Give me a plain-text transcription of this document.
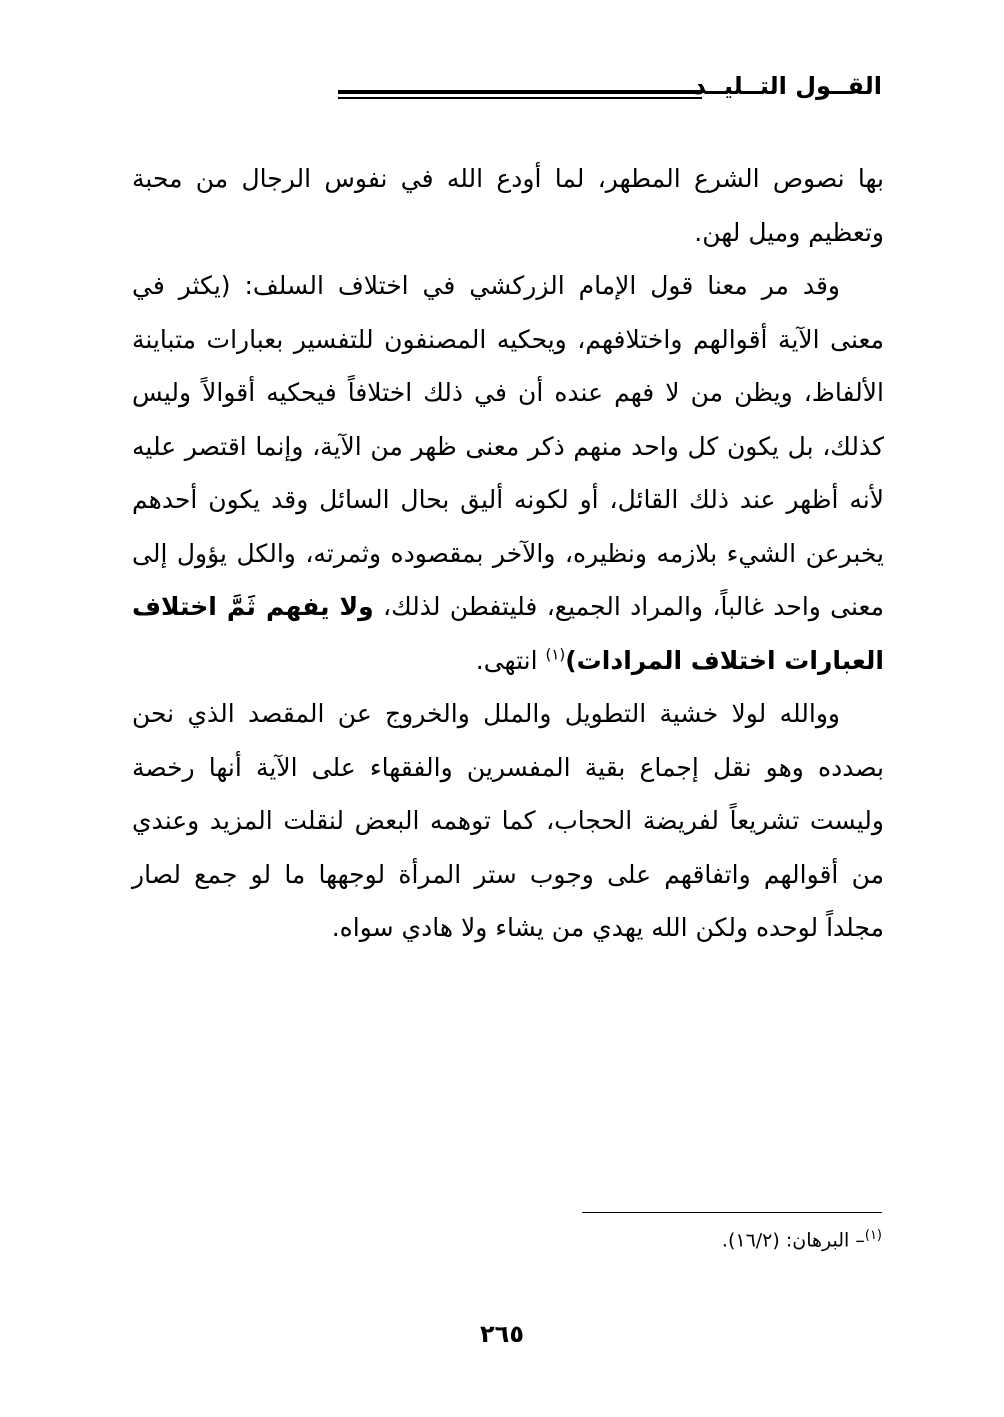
القــول التــليــد

بها نصوص الشرع المطهر، لما أودع الله في نفوس الرجال من محبة وتعظيم وميل لهن.

وقد مر معنا قول الإمام الزركشي في اختلاف السلف: (يكثر في معنى الآية أقوالهم واختلافهم، ويحكيه المصنفون للتفسير بعبارات متباينة الألفاظ، ويظن من لا فهم عنده أن في ذلك اختلافاً فيحكيه أقوالاً وليس كذلك، بل يكون كل واحد منهم ذكر معنى ظهر من الآية، وإنما اقتصر عليه لأنه أظهر عند ذلك القائل، أو لكونه أليق بحال السائل وقد يكون أحدهم يخبرعن الشيء بلازمه ونظيره، والآخر بمقصوده وثمرته، والكل يؤول إلى معنى واحد غالباً، والمراد الجميع، فليتفطن لذلك، ولا يفهم ثَمَّ اختلاف العبارات اختلاف المرادات)$^{(١)}$ انتهى.

ووالله لولا خشية التطويل والملل والخروج عن المقصد الذي نحن بصدده وهو نقل إجماع بقية المفسرين والفقهاء على الآية أنها رخصة وليست تشريعاً لفريضة الحجاب، كما توهمه البعض لنقلت المزيد وعندي من أقوالهم واتفاقهم على وجوب ستر المرأة لوجهها ما لو جمع لصار مجلداً لوحده ولكن الله يهدي من يشاء ولا هادي سواه.

$^{(١)}$– البرهان: (١٦/٢).
٢٦٥
